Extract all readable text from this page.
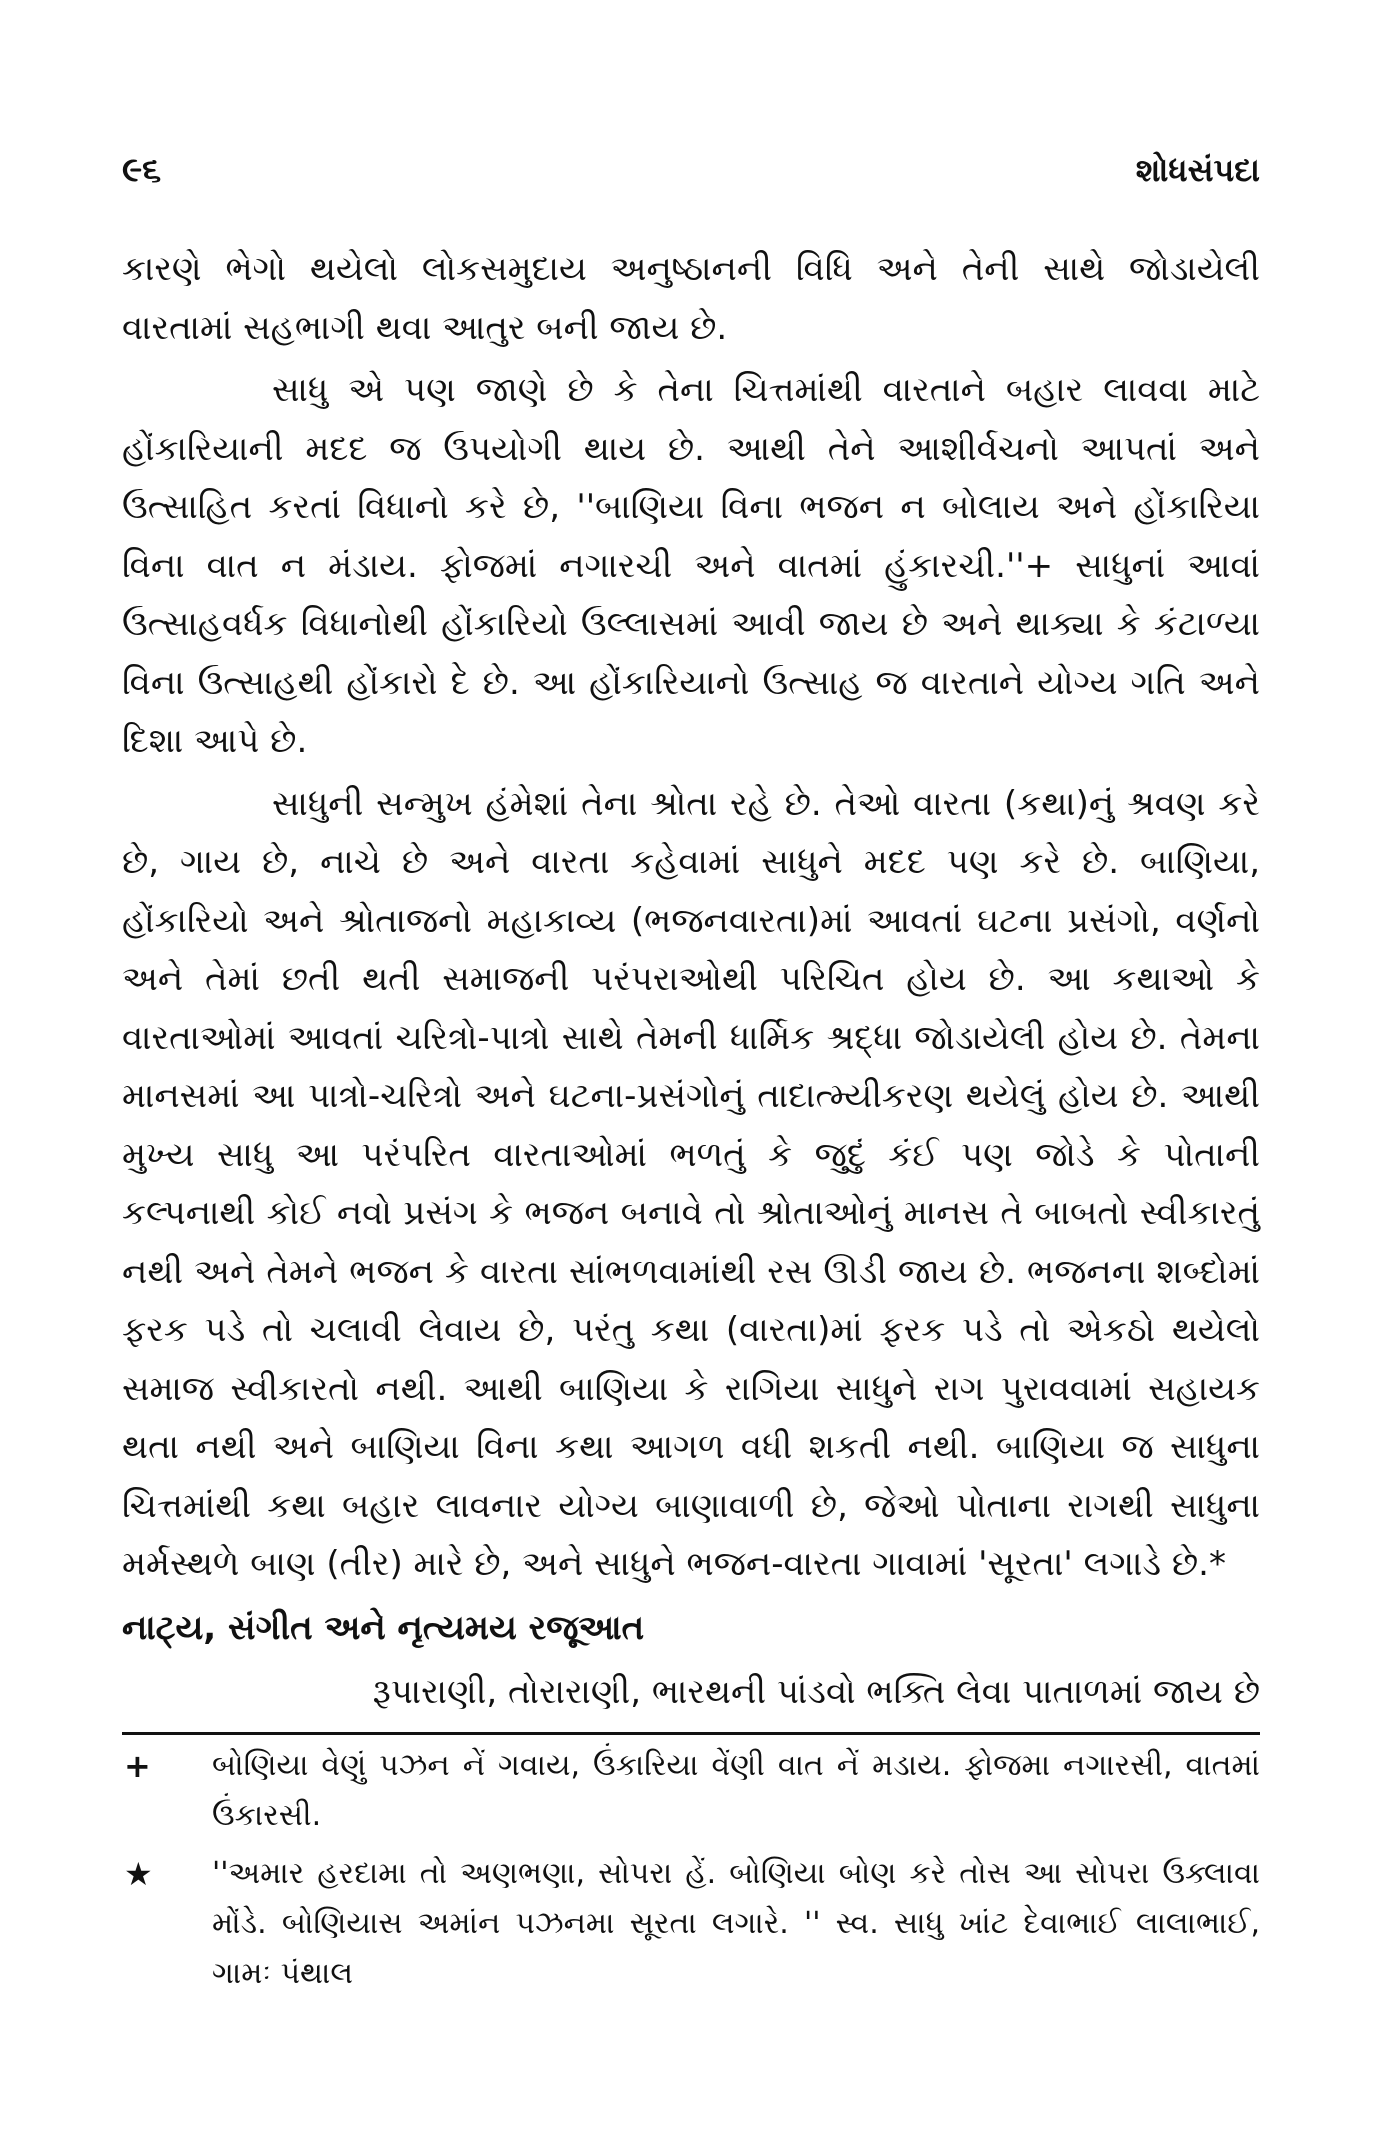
૯૬	શોધસંપદા

કારણે ભેગો થયેલો લોકસમુદાય અનુષ્ઠાનની વિધિ અને તેની સાથે જોડાયેલી વારતામાં સહભાગી થવા આતુર બની જાય છે.

સાધુ એ પણ જાણે છે કે તેના ચિત્તમાંથી વારતાને બહાર લાવવા માટે હોંકારિયાની મદદ જ ઉપયોગી થાય છે. આથી તેને આશીર્વચનો આપતાં અને ઉત્સાહિત કરતાં વિધાનો કરે છે, ''બાણિયા વિના ભજન ન બોલાય અને હોંકારિયા વિના વાત ન મંડાય. ફોજમાં નગારચી અને વાતમાં હુંકારચી.''+ સાધુનાં આવાં ઉત્સાહવર્ધક વિધાનોથી હોંકારિયો ઉલ્લાસમાં આવી જાય છે અને થાક્યા કે કંટાળ્યા વિના ઉત્સાહથી હોંકારો દે છે. આ હોંકારિયાનો ઉત્સાહ જ વારતાને યોગ્ય ગતિ અને દિશા આપે છે.

સાધુની સન્મુખ હંમેશાં તેના શ્રોતા રહે છે. તેઓ વારતા (કથા)નું શ્રવણ કરે છે, ગાય છે, નાચે છે અને વારતા કહેવામાં સાધુને મદદ પણ કરે છે. બાણિયા, હોંકારિયો અને શ્રોતાજનો મહાકાવ્ય (ભજનવારતા)માં આવતાં ઘટના પ્રસંગો, વર્ણનો અને તેમાં છતી થતી સમાજની પરંપરાઓથી પરિચિત હોય છે. આ કથાઓ કે વારતાઓમાં આવતાં ચરિત્રો-પાત્રો સાથે તેમની ધાર્મિક શ્રદ્ધા જોડાયેલી હોય છે. તેમના માનસમાં આ પાત્રો-ચરિત્રો અને ઘટના-પ્રસંગોનું તાદાત્મ્યીકરણ થયેલું હોય છે. આથી મુખ્ય સાધુ આ પરંપરિત વારતાઓમાં ભળતું કે જુદું કંઈ પણ જોડે કે પોતાની કલ્પનાથી કોઈ નવો પ્રસંગ કે ભજન બનાવે તો શ્રોતાઓનું માનસ તે બાબતો સ્વીકારતું નથી અને તેમને ભજન કે વારતા સાંભળવામાંથી રસ ઊડી જાય છે. ભજનના શબ્દોમાં ફરક પડે તો ચલાવી લેવાય છે, પરંતુ કથા (વારતા)માં ફરક પડે તો એકઠો થયેલો સમાજ સ્વીકારતો નથી. આથી બાણિયા કે રાગિયા સાધુને રાગ પુરાવવામાં સહાયક થતા નથી અને બાણિયા વિના કથા આગળ વધી શકતી નથી. બાણિયા જ સાધુના ચિત્તમાંથી કથા બહાર લાવનાર યોગ્ય બાણાવાળી છે, જેઓ પોતાના રાગથી સાધુના મર્મસ્થળે બાણ (તીર) મારે છે, અને સાધુને ભજન-વારતા ગાવામાં 'સૂરતા' લગાડે છે.*

નાટ્ય, સંગીત અને નૃત્યમય રજૂઆત
રૂપારાણી, તોરારાણી, ભારથની પાંડવો ભક્તિ લેવા પાતાળમાં જાય છે
+	બોણિયા વેણું પઝન નેં ગવાય, ઉંકારિયા વેંણી વાત નેં મડાય. ફોજમા નગારસી, વાતમાં ઉંકારસી.
★	''અમાર હરદામા તો અણભણા, સોપરા હેં. બોણિયા બોણ કરે તોસ આ સોપરા ઉક્લાવા મોંડે. બોણિયાસ અમાંન પઝનમા સૂરતા લગારે. '' સ્વ. સાધુ ખાંટ દેવાભાઈ લાલાભાઈ, ગામઃ પંથાલ
